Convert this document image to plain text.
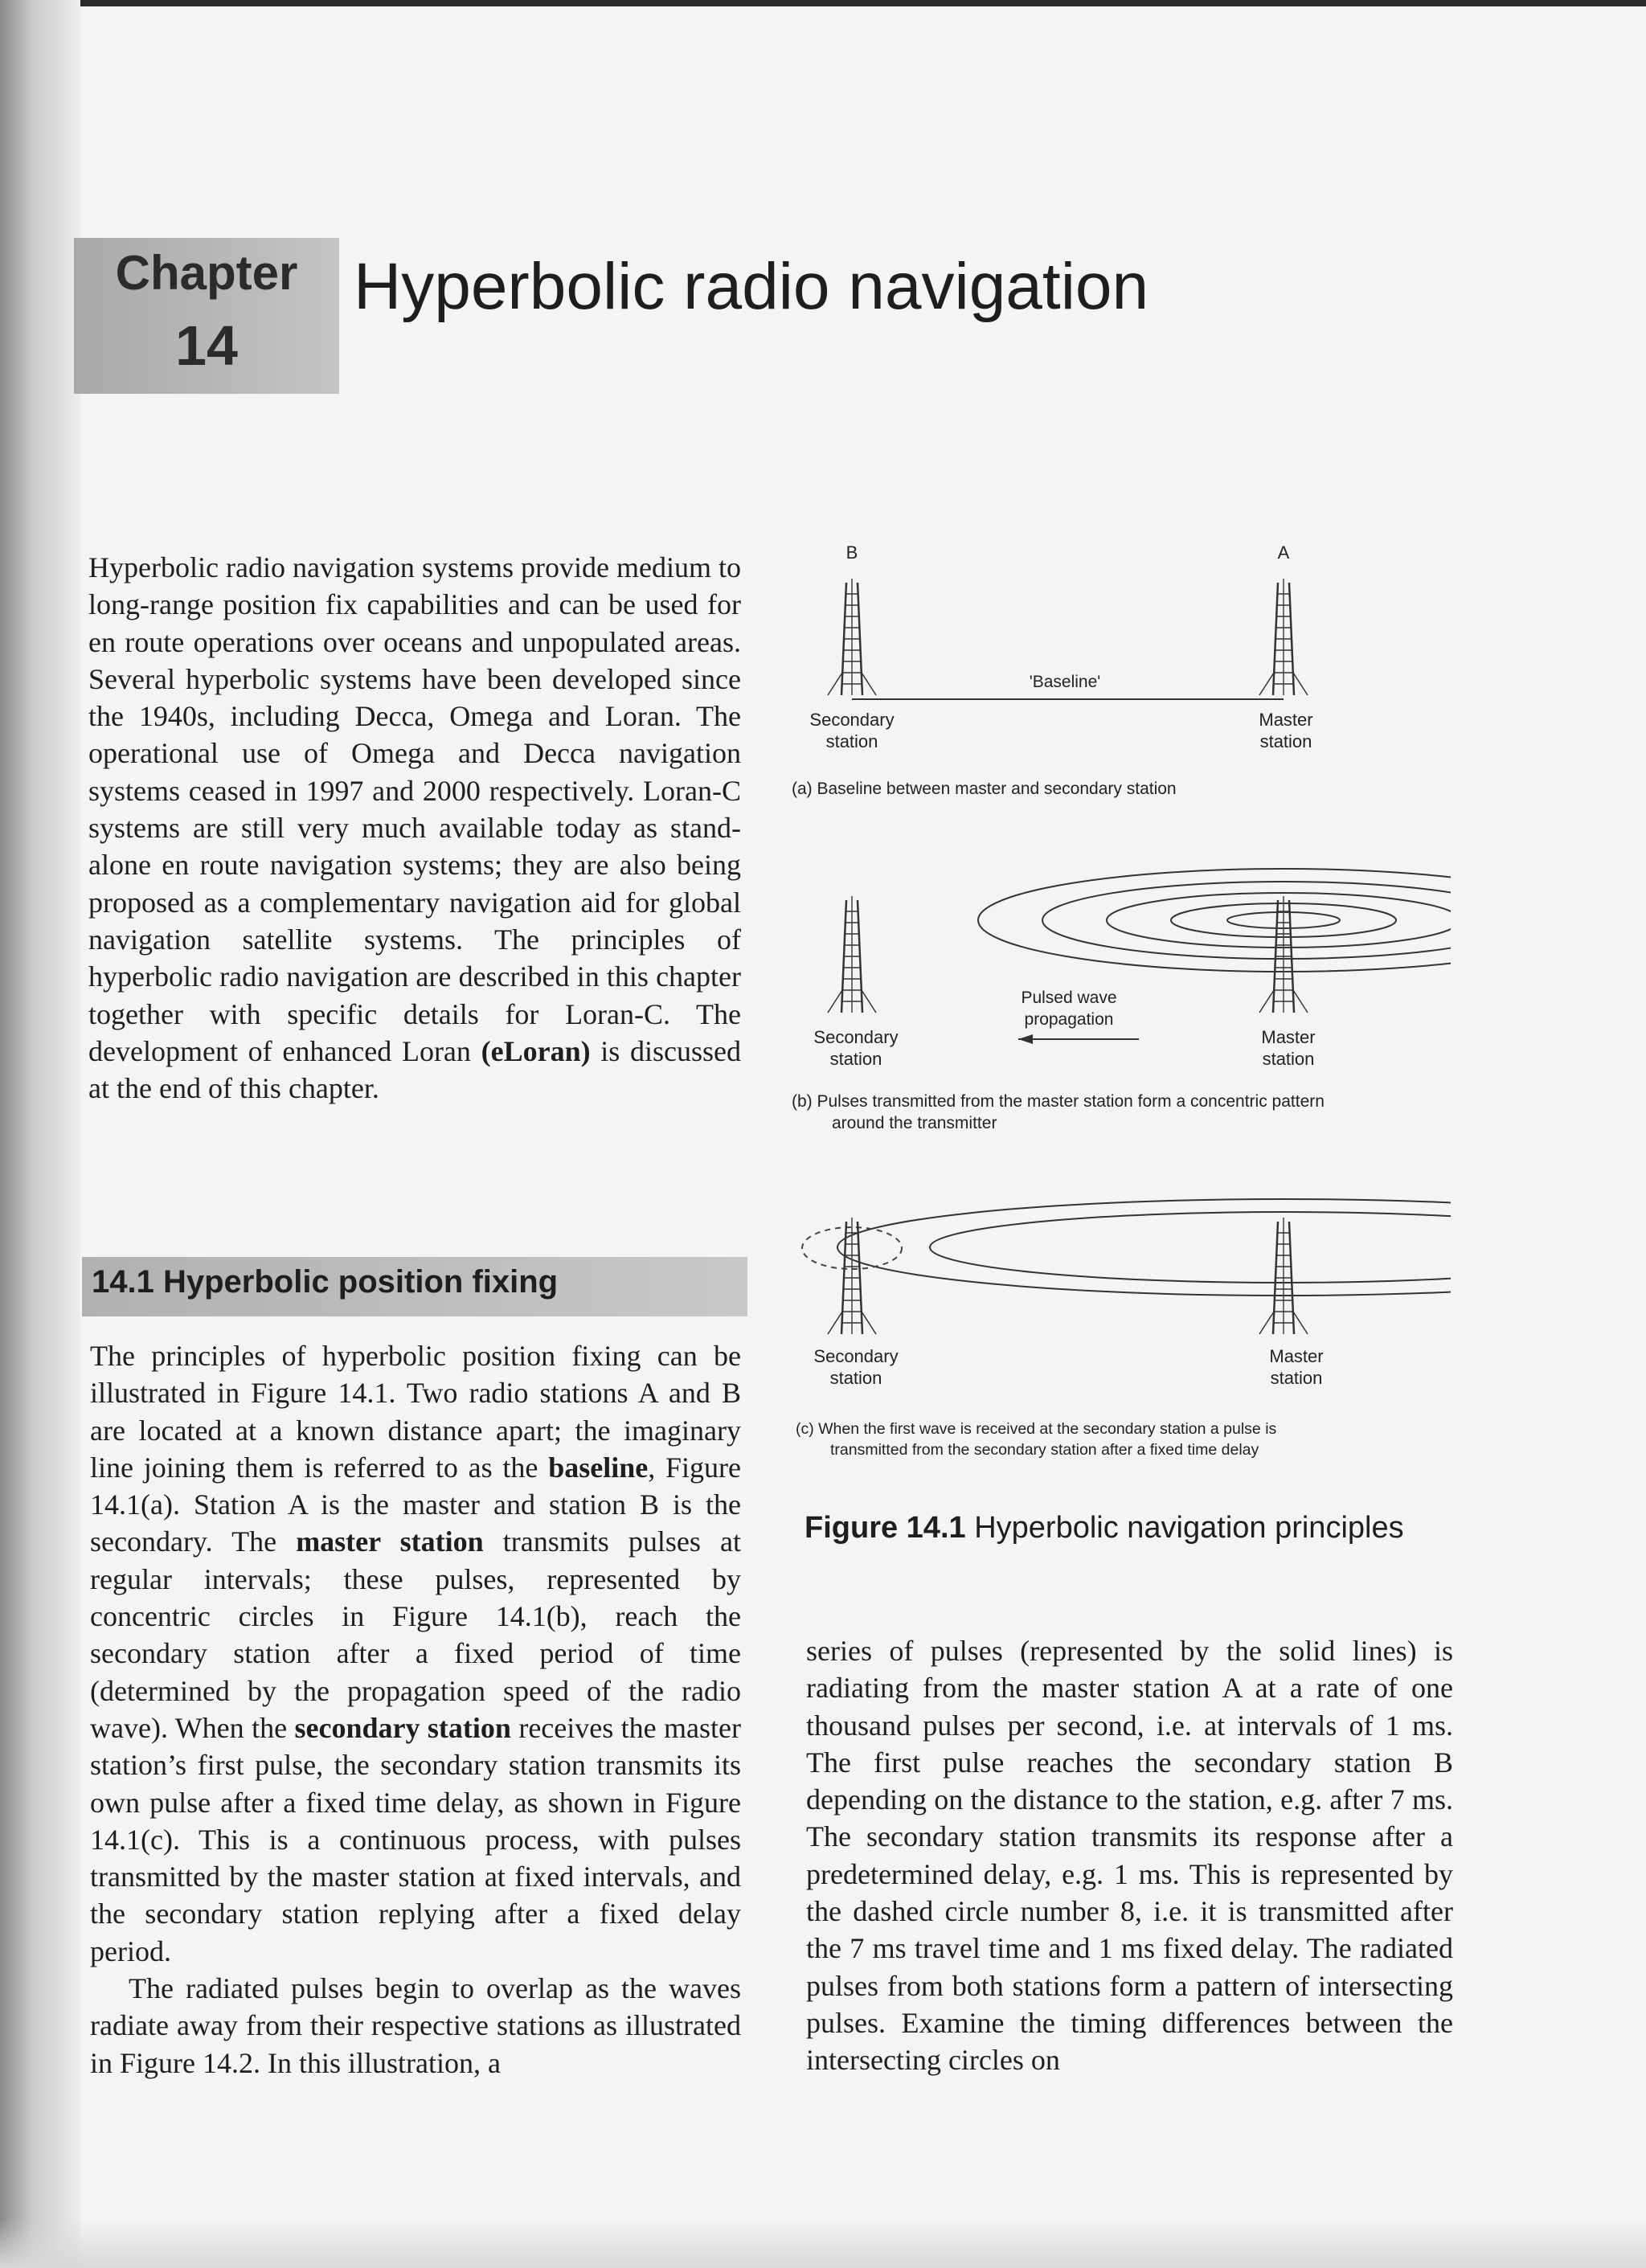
Chapter
14
Hyperbolic radio navigation

Hyperbolic radio navigation systems provide medium to long-range position fix capabilities and can be used for en route operations over oceans and unpopulated areas. Several hyperbolic systems have been developed since the 1940s, including Decca, Omega and Loran. The operational use of Omega and Decca navigation systems ceased in 1997 and 2000 respectively. Loran-C systems are still very much available today as stand-alone en route navigation systems; they are also being proposed as a complementary navigation aid for global navigation satellite systems. The principles of hyperbolic radio navigation are described in this chapter together with specific details for Loran-C. The development of enhanced Loran (eLoran) is discussed at the end of this chapter.

14.1 Hyperbolic position fixing

The principles of hyperbolic position fixing can be illustrated in Figure 14.1. Two radio stations A and B are located at a known distance apart; the imaginary line joining them is referred to as the baseline, Figure 14.1(a). Station A is the master and station B is the secondary. The master station transmits pulses at regular intervals; these pulses, represented by concentric circles in Figure 14.1(b), reach the secondary station after a fixed period of time (determined by the propagation speed of the radio wave). When the secondary station receives the master station’s first pulse, the secondary station transmits its own pulse after a fixed time delay, as shown in Figure 14.1(c). This is a continuous process, with pulses transmitted by the master station at fixed intervals, and the secondary station replying after a fixed delay period.

The radiated pulses begin to overlap as the waves radiate away from their respective stations as illustrated in Figure 14.2. In this illustration, a

series of pulses (represented by the solid lines) is radiating from the master station A at a rate of one thousand pulses per second, i.e. at intervals of 1 ms. The first pulse reaches the secondary station B depending on the distance to the station, e.g. after 7 ms. The secondary station transmits its response after a predetermined delay, e.g. 1 ms. This is represented by the dashed circle number 8, i.e. it is transmitted after the 7 ms travel time and 1 ms fixed delay. The radiated pulses from both stations form a pattern of intersecting pulses. Examine the timing differences between the intersecting circles on

B	A
'Baseline'
Secondary
station
Master
station
(a) Baseline between master and secondary station
Pulsed wave
propagation
Secondary
station
Master
station
(b) Pulses transmitted from the master station form a concentric pattern
around the transmitter
Secondary
station
Master
station
(c) When the first wave is received at the secondary station a pulse is
transmitted from the secondary station after a fixed time delay
Figure 14.1 Hyperbolic navigation principles
